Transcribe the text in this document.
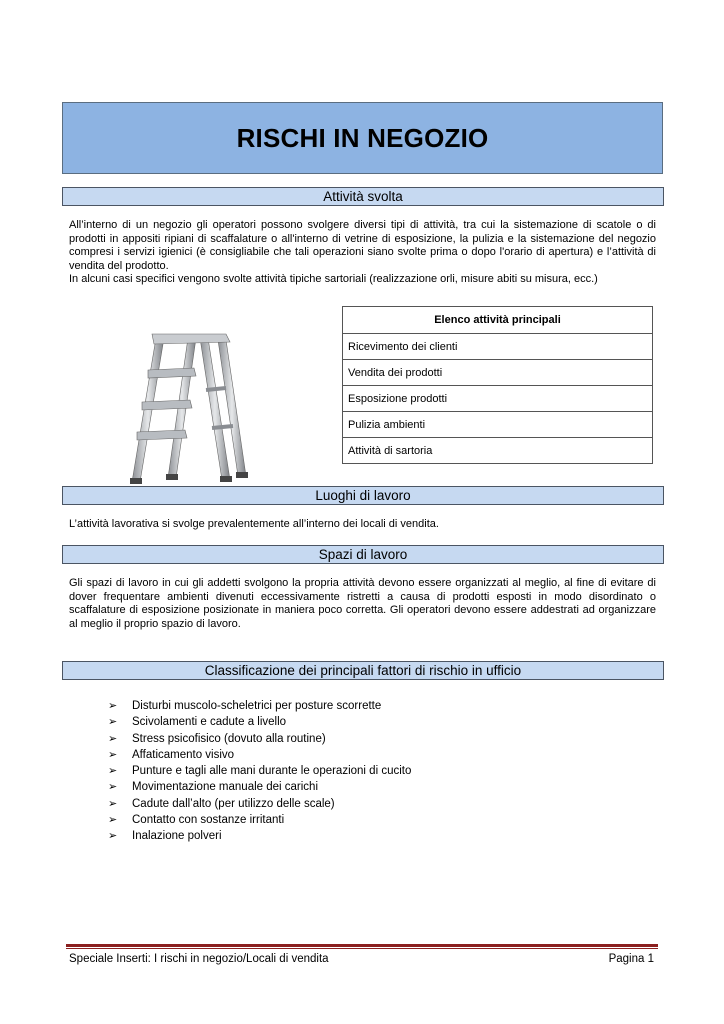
RISCHI IN NEGOZIO
Attività svolta

All’interno di un negozio gli operatori possono svolgere diversi tipi di attività, tra cui la sistemazione di scatole o di prodotti in appositi ripiani di scaffalature o all'interno di vetrine di esposizione, la pulizia e la sistemazione del negozio compresi i servizi igienici (è consigliabile che tali operazioni siano svolte prima o dopo l'orario di apertura) e l’attività di vendita del prodotto.

In alcuni casi specifici vengono svolte attività tipiche sartoriali (realizzazione orli, misure abiti su misura, ecc.)

Elenco attività principali
Ricevimento dei clienti
Vendita dei prodotti
Esposizione prodotti
Pulizia ambienti
Attività di sartoria
Luoghi di lavoro
L’attività lavorativa si svolge prevalentemente all’interno dei locali di vendita.
Spazi di lavoro
Gli spazi di lavoro in cui gli addetti svolgono la propria attività devono essere organizzati al meglio, al fine di evitare di dover frequentare ambienti divenuti eccessivamente ristretti a causa di prodotti esposti in modo disordinato o scaffalature di esposizione posizionate in maniera poco corretta. Gli operatori devono essere addestrati ad organizzare al meglio il proprio spazio di lavoro.
Classificazione dei principali fattori di rischio in ufficio
➢	Disturbi muscolo-scheletrici per posture scorrette
➢	Scivolamenti e cadute a livello
➢	Stress psicofisico (dovuto alla routine)
➢	Affaticamento visivo
➢	Punture e tagli alle mani durante le operazioni di cucito
➢	Movimentazione manuale dei carichi
➢	Cadute dall’alto (per utilizzo delle scale)
➢	Contatto con sostanze irritanti
➢	Inalazione polveri
Speciale Inserti: I rischi in negozio/Locali di vendita	Pagina 1
